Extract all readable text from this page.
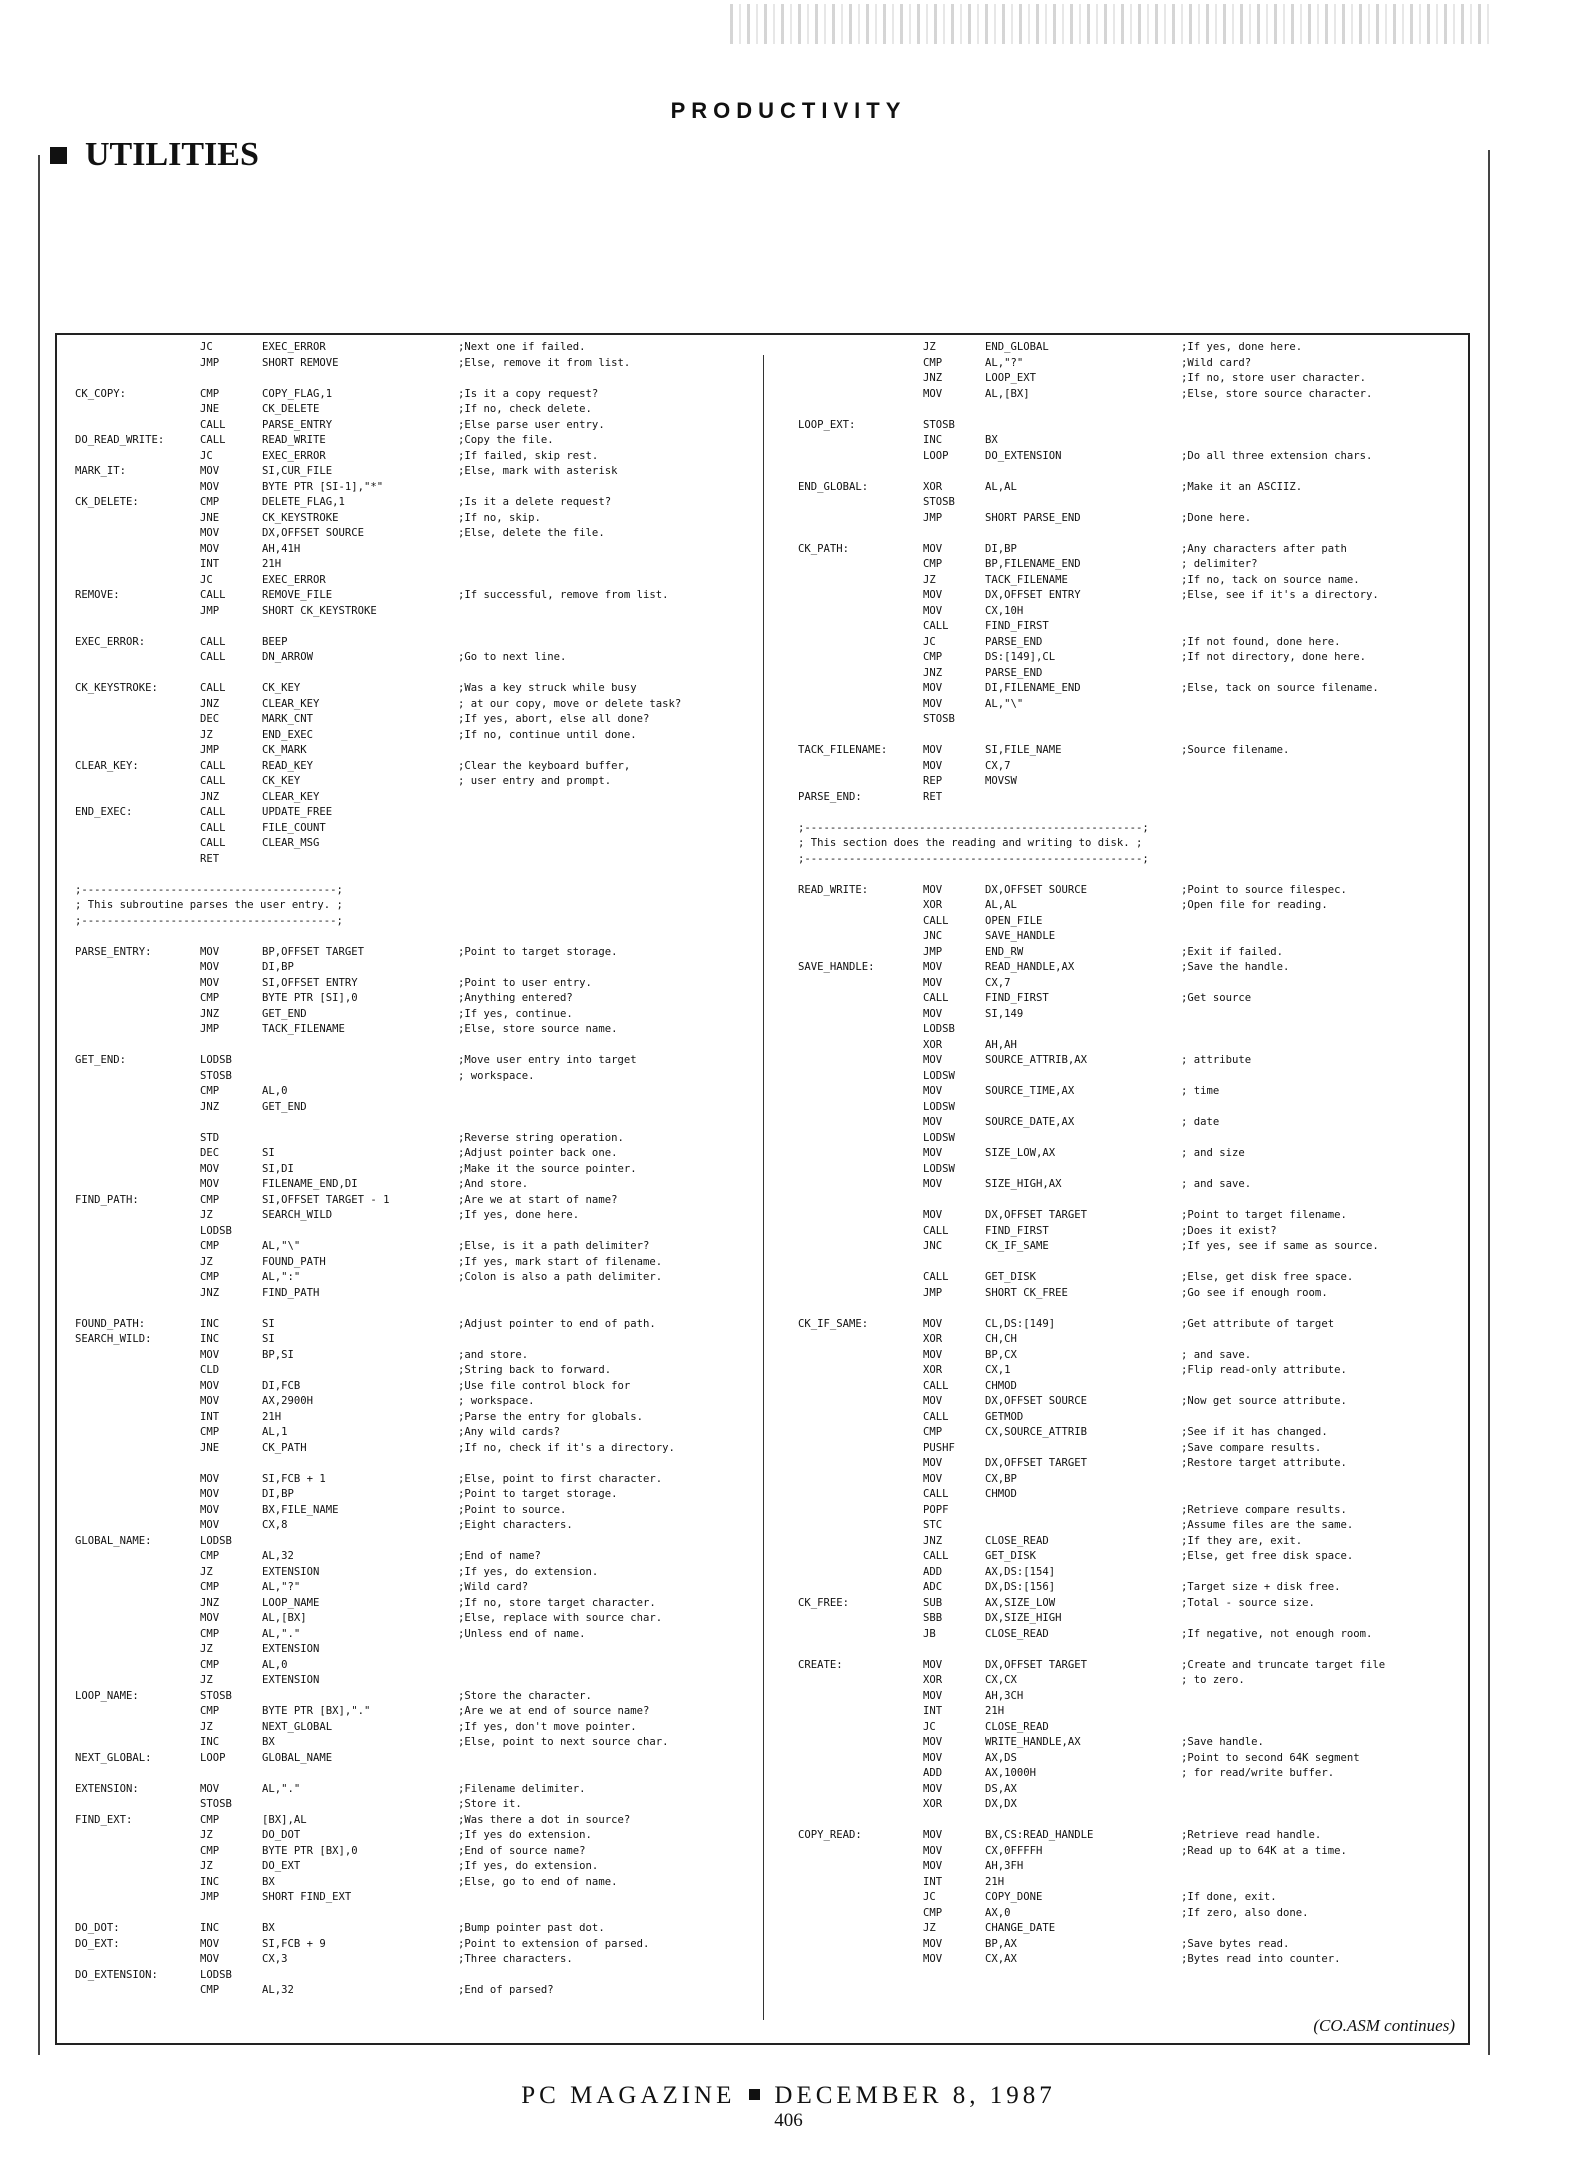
PRODUCTIVITY
UTILITIES
JC	EXEC_ERROR	;Next one if failed.
JMP	SHORT REMOVE	;Else, remove it from list.
CK_COPY:	CMP	COPY_FLAG,1	;Is it a copy request?
JNE	CK_DELETE	;If no, check delete.
CALL	PARSE_ENTRY	;Else parse user entry.
DO_READ_WRITE:	CALL	READ_WRITE	;Copy the file.
JC	EXEC_ERROR	;If failed, skip rest.
MARK_IT:	MOV	SI,CUR_FILE	;Else, mark with asterisk
MOV	BYTE PTR [SI-1],"*"
CK_DELETE:	CMP	DELETE_FLAG,1	;Is it a delete request?
JNE	CK_KEYSTROKE	;If no, skip.
MOV	DX,OFFSET SOURCE	;Else, delete the file.
MOV	AH,41H
INT	21H
JC	EXEC_ERROR
REMOVE:	CALL	REMOVE_FILE	;If successful, remove from list.
JMP	SHORT CK_KEYSTROKE
EXEC_ERROR:	CALL	BEEP
CALL	DN_ARROW	;Go to next line.
CK_KEYSTROKE:	CALL	CK_KEY	;Was a key struck while busy
JNZ	CLEAR_KEY	; at our copy, move or delete task?
DEC	MARK_CNT	;If yes, abort, else all done?
JZ	END_EXEC	;If no, continue until done.
JMP	CK_MARK
CLEAR_KEY:	CALL	READ_KEY	;Clear the keyboard buffer,
CALL	CK_KEY	; user entry and prompt.
JNZ	CLEAR_KEY
END_EXEC:	CALL	UPDATE_FREE
CALL	FILE_COUNT
CALL	CLEAR_MSG
RET
;----------------------------------------;
; This subroutine parses the user entry. ;
;----------------------------------------;
PARSE_ENTRY:	MOV	BP,OFFSET TARGET	;Point to target storage.
MOV	DI,BP
MOV	SI,OFFSET ENTRY	;Point to user entry.
CMP	BYTE PTR [SI],0	;Anything entered?
JNZ	GET_END	;If yes, continue.
JMP	TACK_FILENAME	;Else, store source name.
GET_END:	LODSB	;Move user entry into target
STOSB	; workspace.
CMP	AL,0
JNZ	GET_END
STD	;Reverse string operation.
DEC	SI	;Adjust pointer back one.
MOV	SI,DI	;Make it the source pointer.
MOV	FILENAME_END,DI	;And store.
FIND_PATH:	CMP	SI,OFFSET TARGET - 1	;Are we at start of name?
JZ	SEARCH_WILD	;If yes, done here.
LODSB
CMP	AL,"\"	;Else, is it a path delimiter?
JZ	FOUND_PATH	;If yes, mark start of filename.
CMP	AL,":"	;Colon is also a path delimiter.
JNZ	FIND_PATH
FOUND_PATH:	INC	SI	;Adjust pointer to end of path.
SEARCH_WILD:	INC	SI
MOV	BP,SI	;and store.
CLD	;String back to forward.
MOV	DI,FCB	;Use file control block for
MOV	AX,2900H	; workspace.
INT	21H	;Parse the entry for globals.
CMP	AL,1	;Any wild cards?
JNE	CK_PATH	;If no, check if it's a directory.
MOV	SI,FCB + 1	;Else, point to first character.
MOV	DI,BP	;Point to target storage.
MOV	BX,FILE_NAME	;Point to source.
MOV	CX,8	;Eight characters.
GLOBAL_NAME:	LODSB
CMP	AL,32	;End of name?
JZ	EXTENSION	;If yes, do extension.
CMP	AL,"?"	;Wild card?
JNZ	LOOP_NAME	;If no, store target character.
MOV	AL,[BX]	;Else, replace with source char.
CMP	AL,"."	;Unless end of name.
JZ	EXTENSION
CMP	AL,0
JZ	EXTENSION
LOOP_NAME:	STOSB	;Store the character.
CMP	BYTE PTR [BX],"."	;Are we at end of source name?
JZ	NEXT_GLOBAL	;If yes, don't move pointer.
INC	BX	;Else, point to next source char.
NEXT_GLOBAL:	LOOP	GLOBAL_NAME
EXTENSION:	MOV	AL,"."	;Filename delimiter.
STOSB	;Store it.
FIND_EXT:	CMP	[BX],AL	;Was there a dot in source?
JZ	DO_DOT	;If yes do extension.
CMP	BYTE PTR [BX],0	;End of source name?
JZ	DO_EXT	;If yes, do extension.
INC	BX	;Else, go to end of name.
JMP	SHORT FIND_EXT
DO_DOT:	INC	BX	;Bump pointer past dot.
DO_EXT:	MOV	SI,FCB + 9	;Point to extension of parsed.
MOV	CX,3	;Three characters.
DO_EXTENSION:	LODSB
CMP	AL,32	;End of parsed?
JZ	END_GLOBAL	;If yes, done here.
CMP	AL,"?"	;Wild card?
JNZ	LOOP_EXT	;If no, store user character.
MOV	AL,[BX]	;Else, store source character.
LOOP_EXT:	STOSB
INC	BX
LOOP	DO_EXTENSION	;Do all three extension chars.
END_GLOBAL:	XOR	AL,AL	;Make it an ASCIIZ.
STOSB
JMP	SHORT PARSE_END	;Done here.
CK_PATH:	MOV	DI,BP	;Any characters after path
CMP	BP,FILENAME_END	; delimiter?
JZ	TACK_FILENAME	;If no, tack on source name.
MOV	DX,OFFSET ENTRY	;Else, see if it's a directory.
MOV	CX,10H
CALL	FIND_FIRST
JC	PARSE_END	;If not found, done here.
CMP	DS:[149],CL	;If not directory, done here.
JNZ	PARSE_END
MOV	DI,FILENAME_END	;Else, tack on source filename.
MOV	AL,"\"
STOSB
TACK_FILENAME:	MOV	SI,FILE_NAME	;Source filename.
MOV	CX,7
REP	MOVSW
PARSE_END:	RET
;-----------------------------------------------------;
; This section does the reading and writing to disk. ;
;-----------------------------------------------------;
READ_WRITE:	MOV	DX,OFFSET SOURCE	;Point to source filespec.
XOR	AL,AL	;Open file for reading.
CALL	OPEN_FILE
JNC	SAVE_HANDLE
JMP	END_RW	;Exit if failed.
SAVE_HANDLE:	MOV	READ_HANDLE,AX	;Save the handle.
MOV	CX,7
CALL	FIND_FIRST	;Get source
MOV	SI,149
LODSB
XOR	AH,AH
MOV	SOURCE_ATTRIB,AX	; attribute
LODSW
MOV	SOURCE_TIME,AX	; time
LODSW
MOV	SOURCE_DATE,AX	; date
LODSW
MOV	SIZE_LOW,AX	; and size
LODSW
MOV	SIZE_HIGH,AX	; and save.
MOV	DX,OFFSET TARGET	;Point to target filename.
CALL	FIND_FIRST	;Does it exist?
JNC	CK_IF_SAME	;If yes, see if same as source.
CALL	GET_DISK	;Else, get disk free space.
JMP	SHORT CK_FREE	;Go see if enough room.
CK_IF_SAME:	MOV	CL,DS:[149]	;Get attribute of target
XOR	CH,CH
MOV	BP,CX	; and save.
XOR	CX,1	;Flip read-only attribute.
CALL	CHMOD
MOV	DX,OFFSET SOURCE	;Now get source attribute.
CALL	GETMOD
CMP	CX,SOURCE_ATTRIB	;See if it has changed.
PUSHF	;Save compare results.
MOV	DX,OFFSET TARGET	;Restore target attribute.
MOV	CX,BP
CALL	CHMOD
POPF	;Retrieve compare results.
STC	;Assume files are the same.
JNZ	CLOSE_READ	;If they are, exit.
CALL	GET_DISK	;Else, get free disk space.
ADD	AX,DS:[154]
ADC	DX,DS:[156]	;Target size + disk free.
CK_FREE:	SUB	AX,SIZE_LOW	;Total - source size.
SBB	DX,SIZE_HIGH
JB	CLOSE_READ	;If negative, not enough room.
CREATE:	MOV	DX,OFFSET TARGET	;Create and truncate target file
XOR	CX,CX	; to zero.
MOV	AH,3CH
INT	21H
JC	CLOSE_READ
MOV	WRITE_HANDLE,AX	;Save handle.
MOV	AX,DS	;Point to second 64K segment
ADD	AX,1000H	; for read/write buffer.
MOV	DS,AX
XOR	DX,DX
COPY_READ:	MOV	BX,CS:READ_HANDLE	;Retrieve read handle.
MOV	CX,0FFFFH	;Read up to 64K at a time.
MOV	AH,3FH
INT	21H
JC	COPY_DONE	;If done, exit.
CMP	AX,0	;If zero, also done.
JZ	CHANGE_DATE
MOV	BP,AX	;Save bytes read.
MOV	CX,AX	;Bytes read into counter.
(CO.ASM continues)
PC MAGAZINE DECEMBER 8, 1987
406
